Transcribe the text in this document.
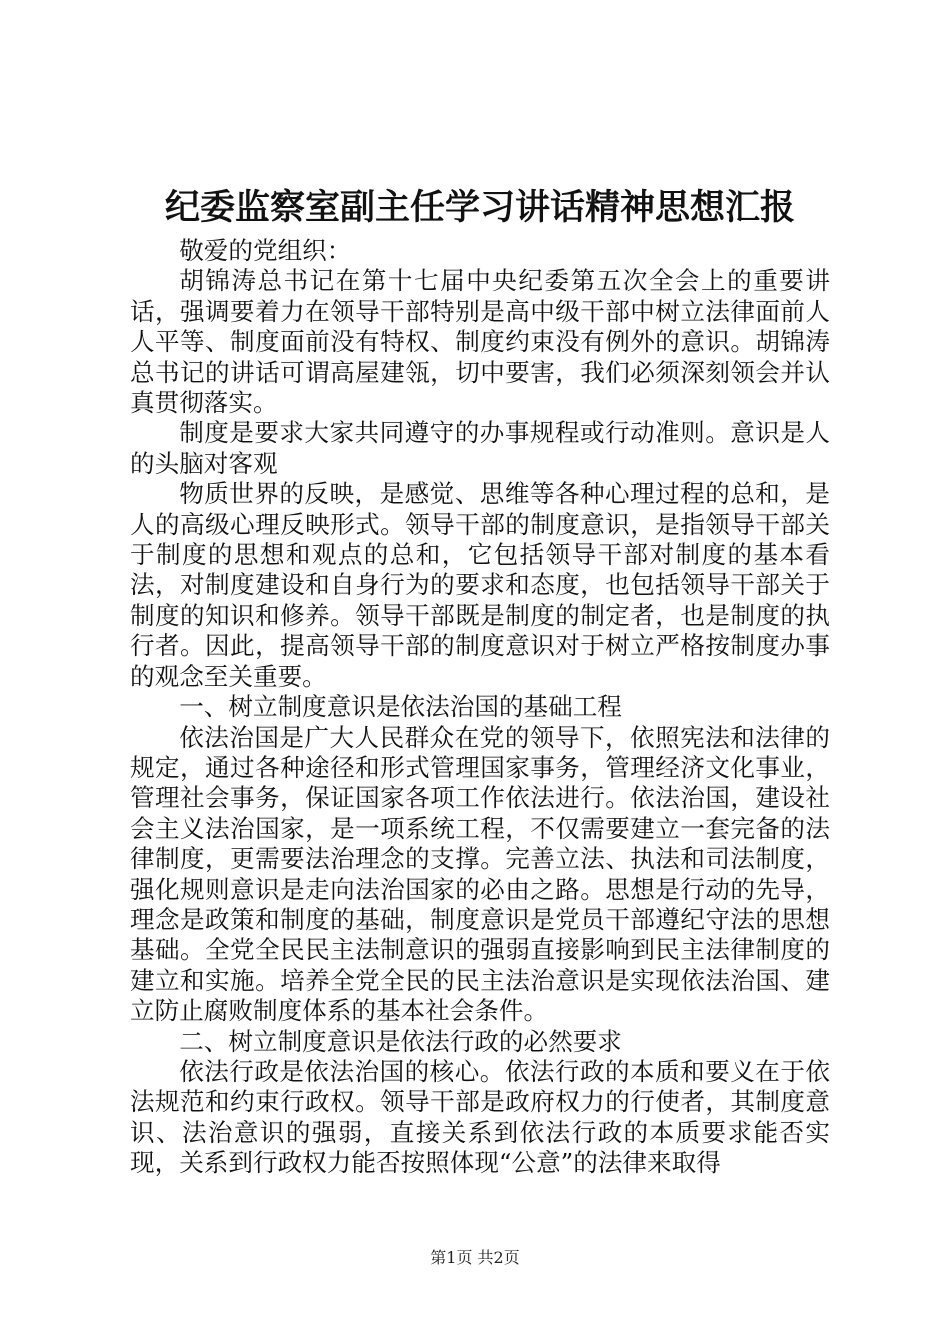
纪委监察室副主任学习讲话精神思想汇报

敬爱的党组织：

胡锦涛总书记在第十七届中央纪委第五次全会上的重要讲话，强调要着力在领导干部特别是高中级干部中树立法律面前人人平等、制度面前没有特权、制度约束没有例外的意识。胡锦涛总书记的讲话可谓高屋建瓴，切中要害，我们必须深刻领会并认真贯彻落实。

制度是要求大家共同遵守的办事规程或行动准则。意识是人的头脑对客观

物质世界的反映，是感觉、思维等各种心理过程的总和，是人的高级心理反映形式。领导干部的制度意识，是指领导干部关于制度的思想和观点的总和，它包括领导干部对制度的基本看法，对制度建设和自身行为的要求和态度，也包括领导干部关于制度的知识和修养。领导干部既是制度的制定者，也是制度的执行者。因此，提高领导干部的制度意识对于树立严格按制度办事的观念至关重要。

一、树立制度意识是依法治国的基础工程

依法治国是广大人民群众在党的领导下，依照宪法和法律的规定，通过各种途径和形式管理国家事务，管理经济文化事业，管理社会事务，保证国家各项工作依法进行。依法治国，建设社会主义法治国家，是一项系统工程，不仅需要建立一套完备的法律制度，更需要法治理念的支撑。完善立法、执法和司法制度，强化规则意识是走向法治国家的必由之路。思想是行动的先导，理念是政策和制度的基础，制度意识是党员干部遵纪守法的思想基础。全党全民民主法制意识的强弱直接影响到民主法律制度的建立和实施。培养全党全民的民主法治意识是实现依法治国、建立防止腐败制度体系的基本社会条件。

二、树立制度意识是依法行政的必然要求

依法行政是依法治国的核心。依法行政的本质和要义在于依法规范和约束行政权。领导干部是政府权力的行使者，其制度意识、法治意识的强弱，直接关系到依法行政的本质要求能否实现，关系到行政权力能否按照体现“公意”的法律来取得

第1页 共2页
